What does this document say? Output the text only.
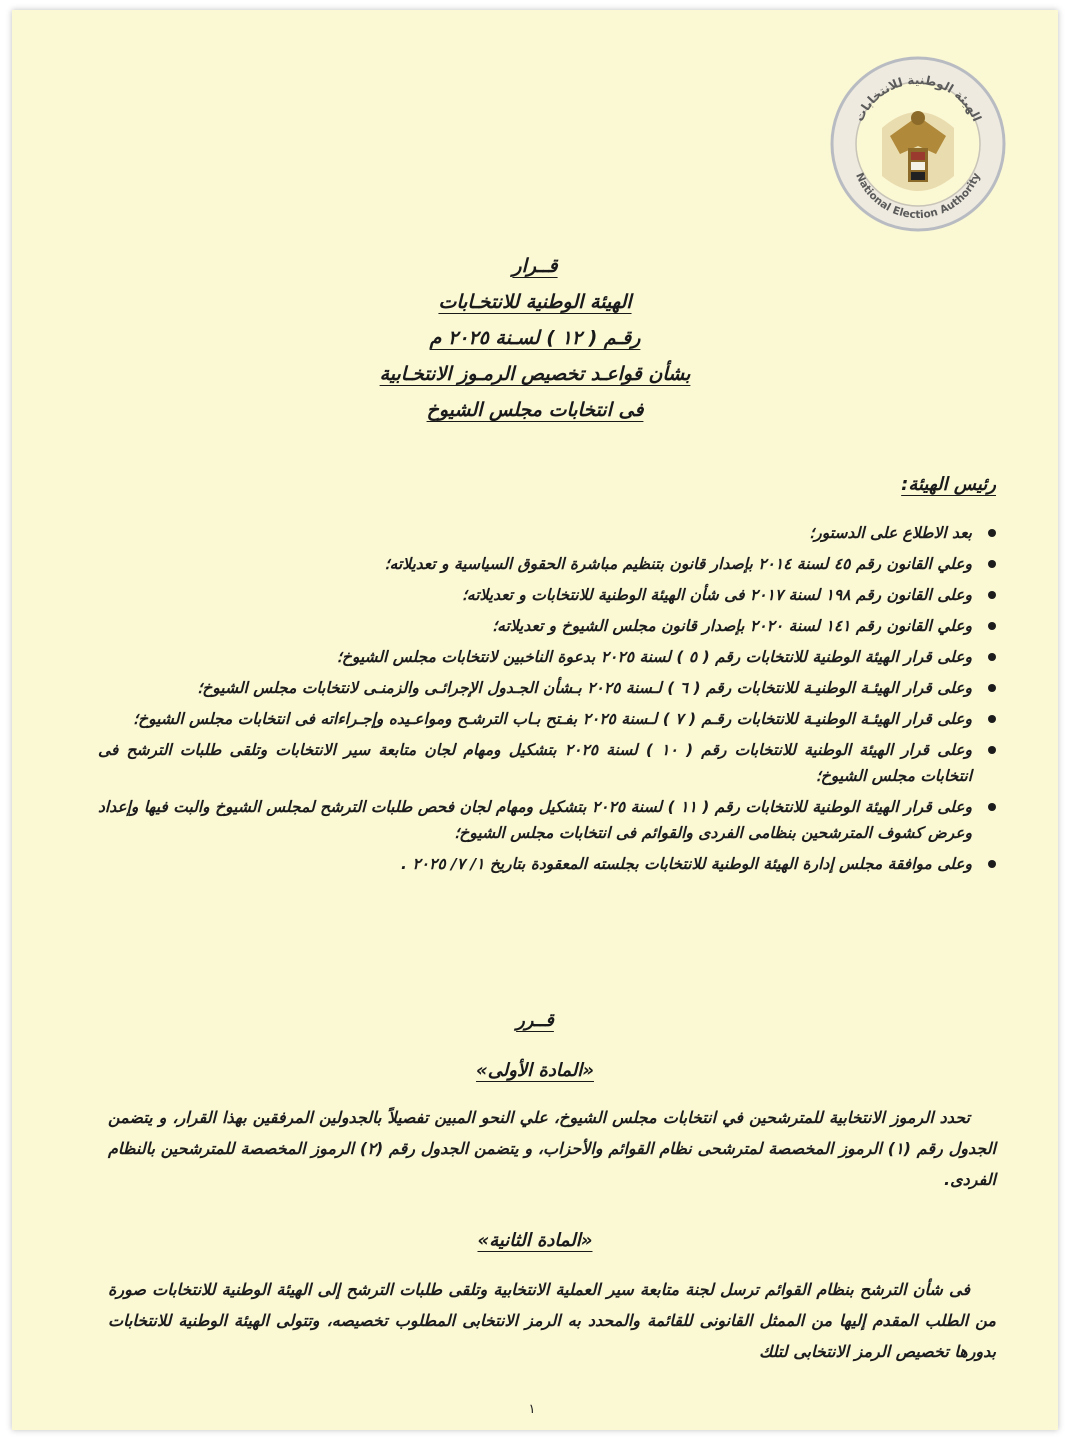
الهيئة الوطنية للانتخابات
National Election Authority
قــرار
الهيئة الوطنية للانتخـابات
رقـم ( ١٢ ) لسـنة ٢٠٢٥ م
بشأن قواعـد تخصيص الرمـوز الانتخـابية
فى انتخابات مجلس الشيوخ
رئيس الهيئة:
بعد الاطلاع على الدستور؛
وعلي القانون رقم ٤٥ لسنة ٢٠١٤ بإصدار قانون بتنظيم مباشرة الحقوق السياسية و تعديلاته؛
وعلى القانون رقم ١٩٨ لسنة ٢٠١٧ فى شأن الهيئة الوطنية للانتخابات و تعديلاته؛
وعلي القانون رقم ١٤١ لسنة ٢٠٢٠ بإصدار قانون مجلس الشيوخ و تعديلاته؛
وعلى قرار الهيئة الوطنية للانتخابات رقم ( ٥ ) لسنة ٢٠٢٥ بدعوة الناخبين لانتخابات مجلس الشيوخ؛
وعلى قرار الهيئـة الوطنيـة للانتخابات رقم ( ٦ ) لـسنة ٢٠٢٥ بـشأن الجـدول الإجرائـى والزمنـى لانتخابات مجلس الشيوخ؛
وعلى قرار الهيئـة الوطنيـة للانتخابات رقـم ( ٧ ) لـسنة ٢٠٢٥ بفـتح بـاب الترشـح ومواعـيده وإجـراءاته فى انتخابات مجلس الشيوخ؛
وعلى قرار الهيئة الوطنية للانتخابات رقم ( ١٠ ) لسنة ٢٠٢٥ بتشكيل ومهام لجان متابعة سير الانتخابات وتلقى طلبات الترشح فى انتخابات مجلس الشيوخ؛
وعلى قرار الهيئة الوطنية للانتخابات رقم ( ١١ ) لسنة ٢٠٢٥ بتشكيل ومهام لجان فحص طلبات الترشح لمجلس الشيوخ والبت فيها وإعداد وعرض كشوف المترشحين بنظامى الفردى والقوائم فى انتخابات مجلس الشيوخ؛
وعلى موافقة مجلس إدارة الهيئة الوطنية للانتخابات بجلسته المعقودة بتاريخ ١/ ٧/ ٢٠٢٥ .
قــرر
«المادة الأولى»
تحدد الرموز الانتخابية للمترشحين في انتخابات مجلس الشيوخ، علي النحو المبين تفصيلاً بالجدولين المرفقين بهذا القرار، و يتضمن الجدول رقم (١) الرموز المخصصة لمترشحى نظام القوائم والأحزاب، و يتضمن الجدول رقم (٢) الرموز المخصصة للمترشحين بالنظام الفردى.
«المادة الثانية»
فى شأن الترشح بنظام القوائم ترسل لجنة متابعة سير العملية الانتخابية وتلقى طلبات الترشح إلى الهيئة الوطنية للانتخابات صورة من الطلب المقدم إليها من الممثل القانونى للقائمة والمحدد به الرمز الانتخابى المطلوب تخصيصه، وتتولى الهيئة الوطنية للانتخابات بدورها تخصيص الرمز الانتخابى لتلك
١
